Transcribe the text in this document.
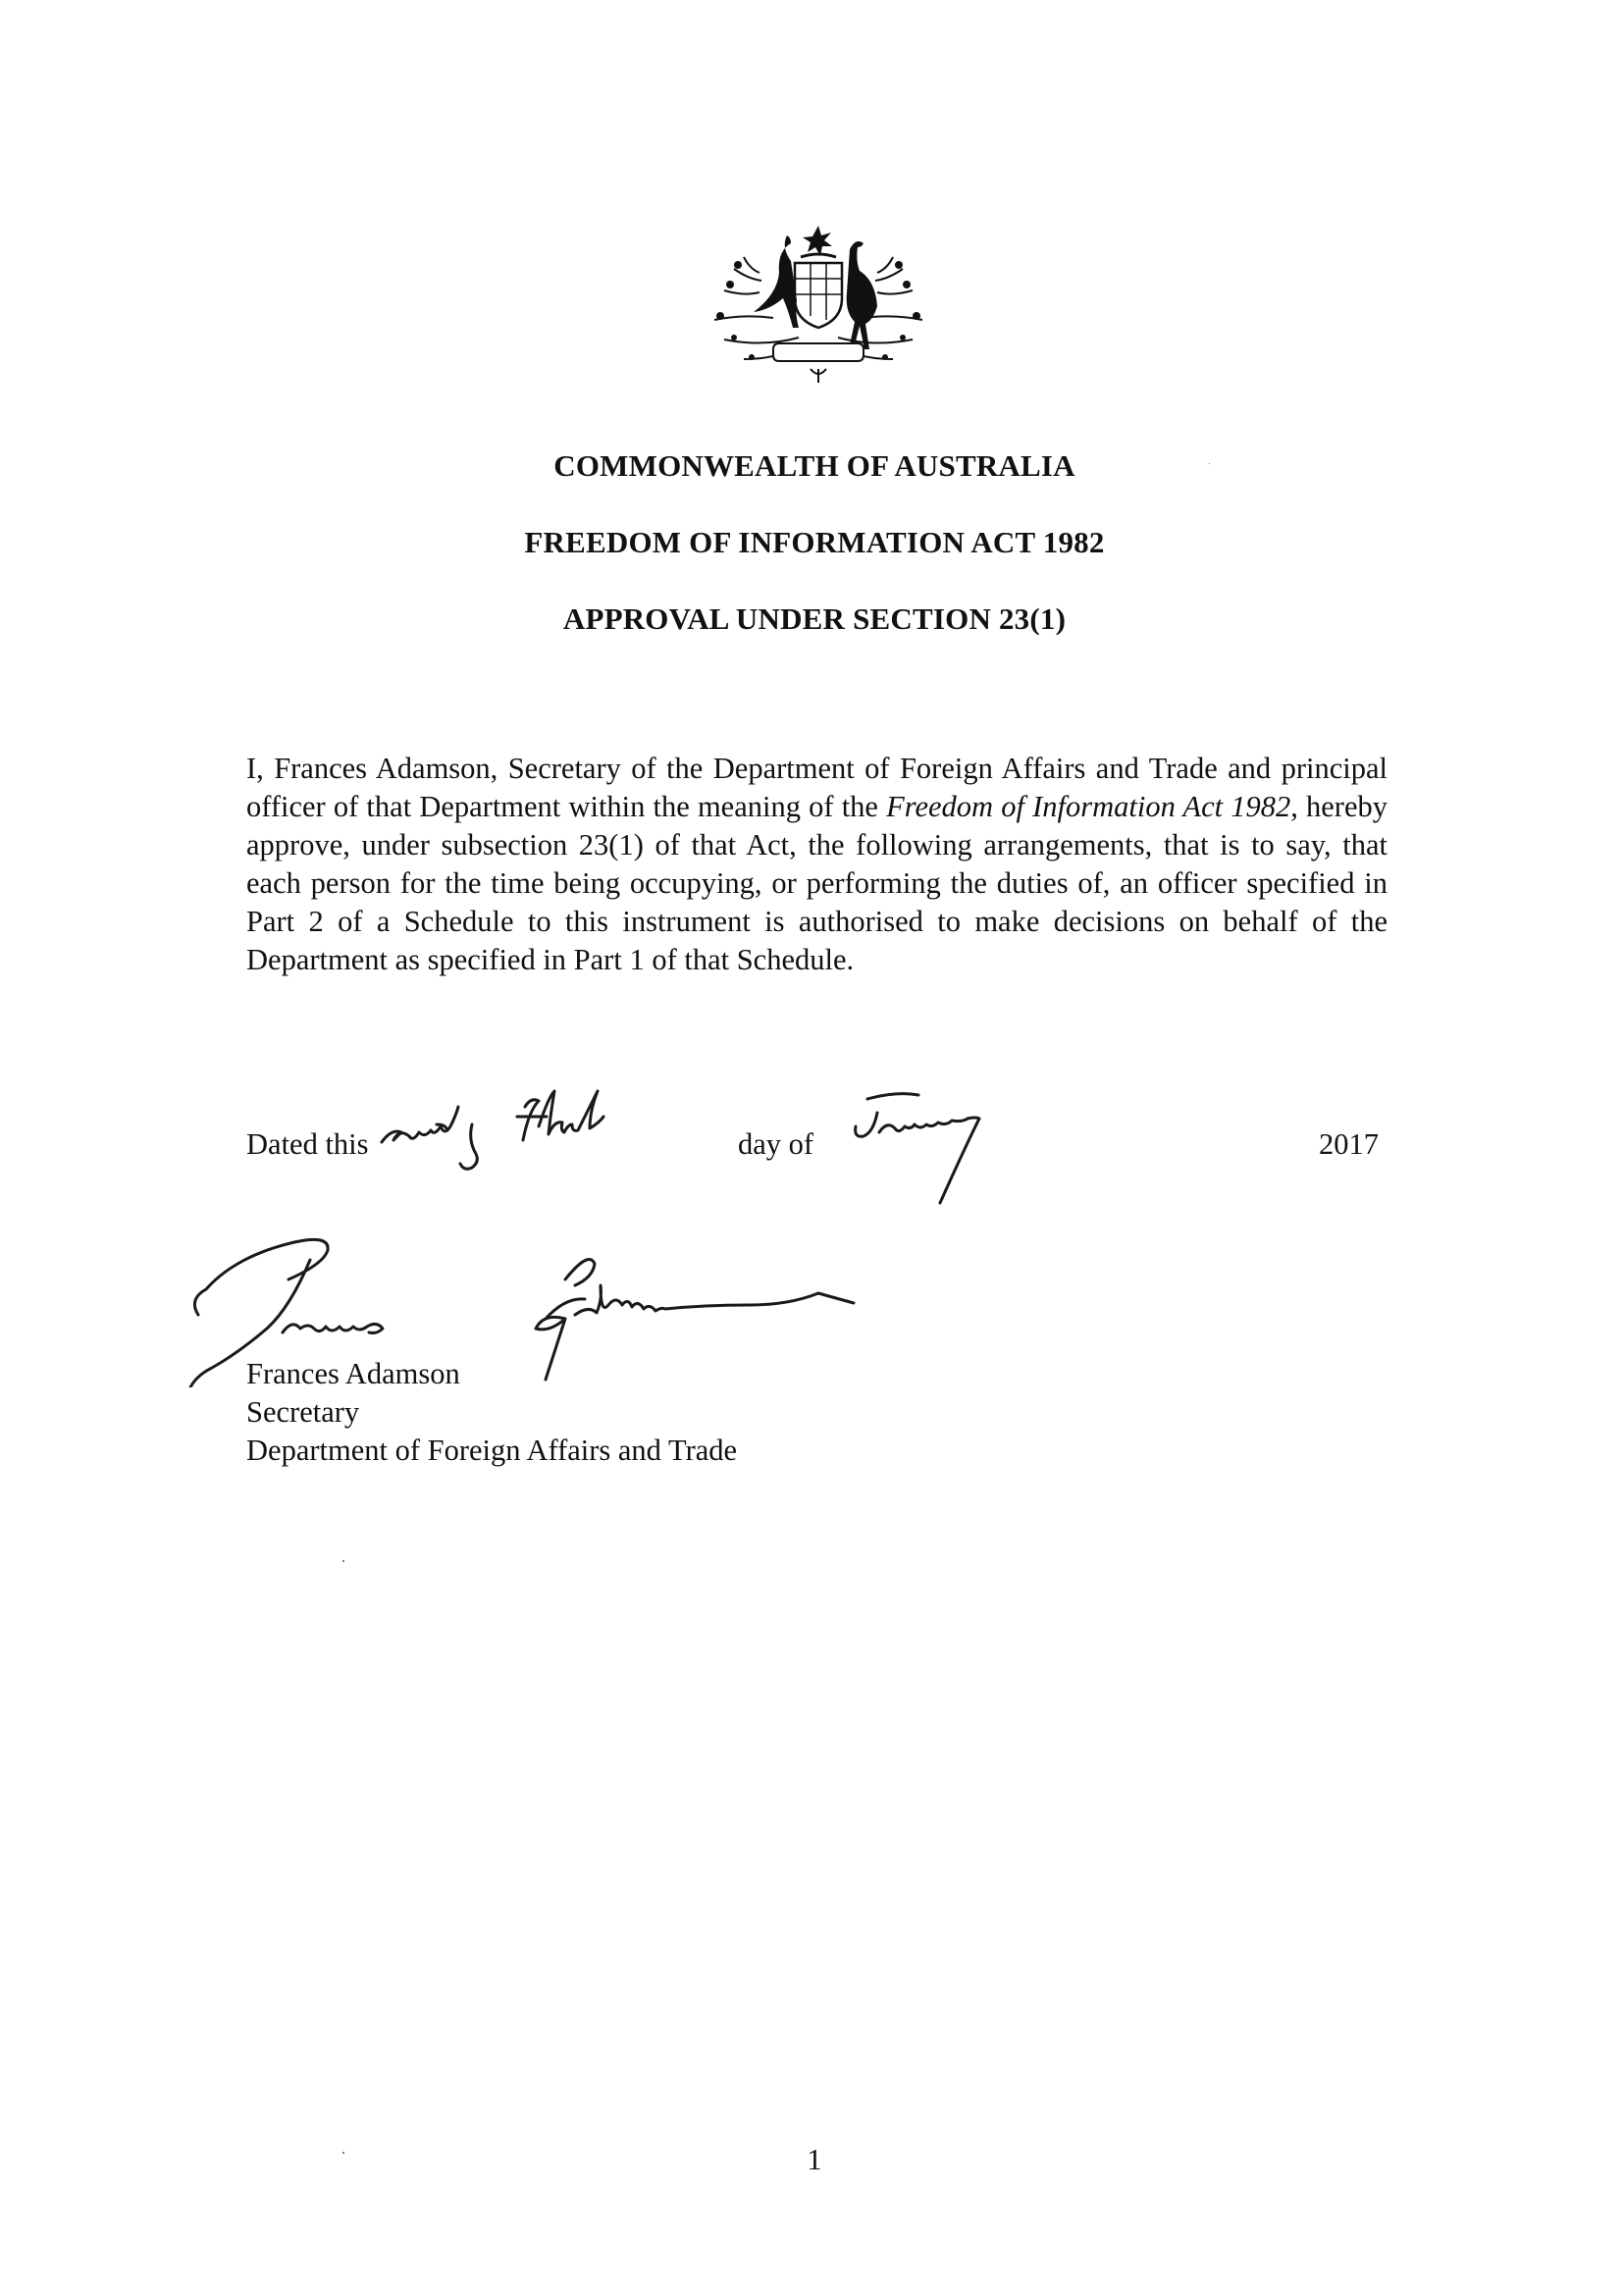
COMMONWEALTH OF AUSTRALIA
FREEDOM OF INFORMATION ACT 1982
APPROVAL UNDER SECTION 23(1)
I, Frances Adamson, Secretary of the Department of Foreign Affairs and Trade and principal officer of that Department within the meaning of the Freedom of Information Act 1982, hereby approve, under subsection 23(1) of that Act, the following arrangements, that is to say, that each person for the time being occupying, or performing the duties of, an officer specified in Part 2 of a Schedule to this instrument is authorised to make decisions on behalf of the Department as specified in Part 1 of that Schedule.
Dated this	day of	2017
Frances Adamson
Secretary
Department of Foreign Affairs and Trade
1
